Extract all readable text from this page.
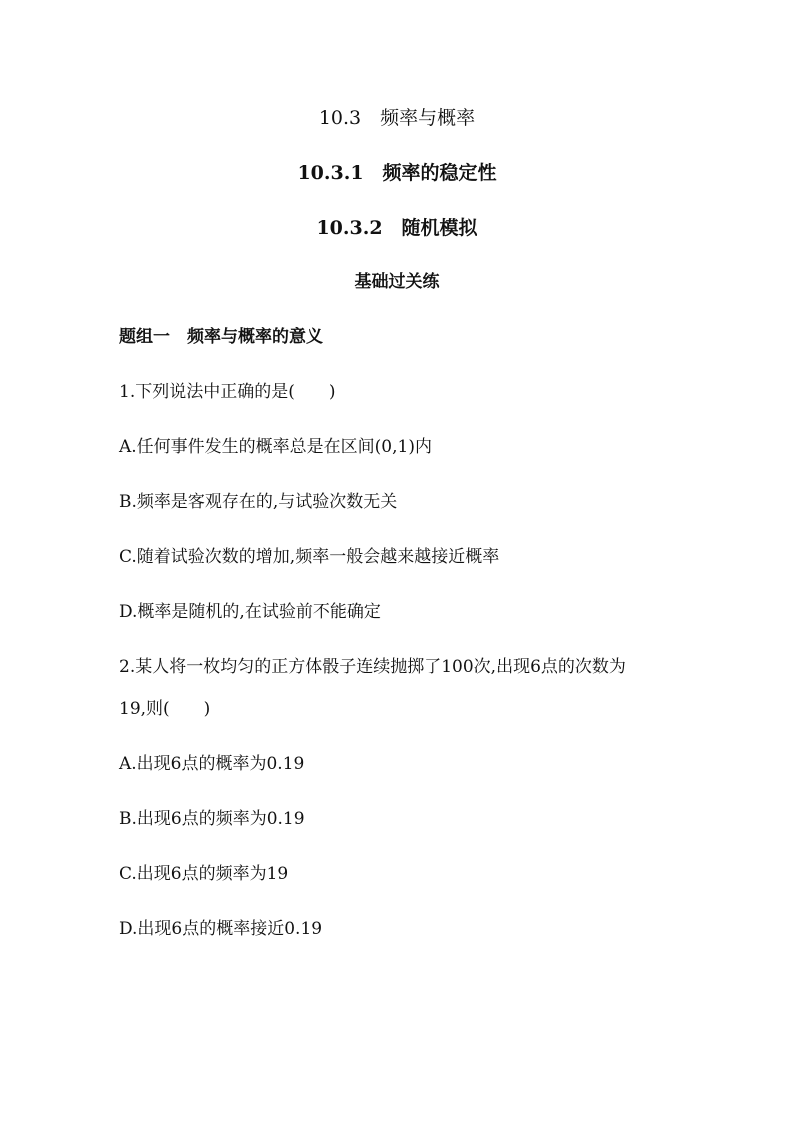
10.3　频率与概率
10.3.1　频率的稳定性
10.3.2　随机模拟
基础过关练
题组一　频率与概率的意义
1.下列说法中正确的是(　　)
A.任何事件发生的概率总是在区间(0,1)内
B.频率是客观存在的,与试验次数无关
C.随着试验次数的增加,频率一般会越来越接近概率
D.概率是随机的,在试验前不能确定
2.某人将一枚均匀的正方体骰子连续抛掷了100次,出现6点的次数为
19,则(　　)
A.出现6点的概率为0.19
B.出现6点的频率为0.19
C.出现6点的频率为19
D.出现6点的概率接近0.19
